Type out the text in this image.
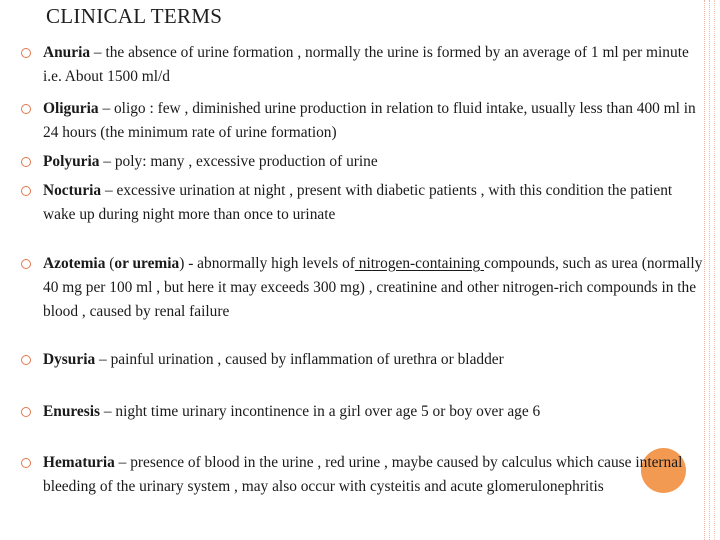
CLINICAL TERMS
Anuria – the absence of urine formation , normally the urine is formed by an average of 1 ml per minute i.e. About 1500 ml/d
Oliguria – oligo : few , diminished urine production in relation to fluid intake, usually less than 400 ml in 24 hours (the minimum rate of urine formation)
Polyuria – poly: many , excessive production of urine
Nocturia – excessive urination at night , present with diabetic patients , with this condition the patient wake up during night more than once to urinate
Azotemia (or uremia) - abnormally high levels of nitrogen-containing compounds, such as urea (normally 40 mg per 100 ml , but here it may exceeds 300 mg) , creatinine and other nitrogen-rich compounds in the blood , caused by renal failure
Dysuria – painful urination , caused by inflammation of urethra or bladder
Enuresis – night time urinary incontinence in a girl over age 5 or boy over age 6
Hematuria – presence of blood in the urine , red urine , maybe caused by calculus which cause internal bleeding of the urinary system , may also occur with cysteitis and acute glomerulonephritis
